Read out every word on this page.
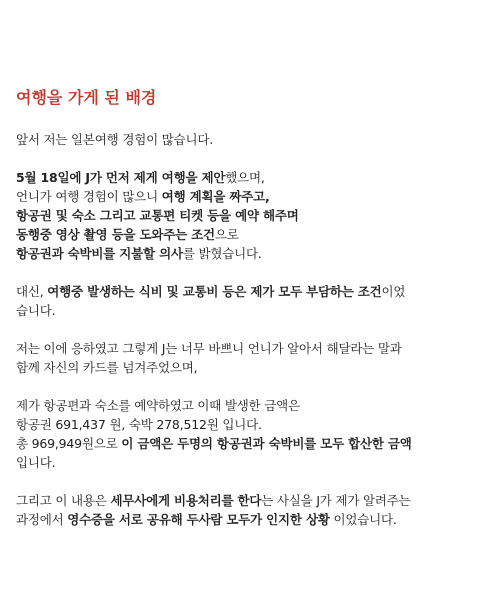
여행을 가게 된 배경
앞서 저는 일본여행 경험이 많습니다.
5월 18일에 J가 먼저 제게 여행을 제안했으며,
언니가 여행 경험이 많으니 여행 계획을 짜주고,
항공권 및 숙소 그리고 교통편 티켓 등을 예약 해주며
동행중 영상 촬영 등을 도와주는 조건으로
항공권과 숙박비를 지불할 의사를 밝혔습니다.
대신, 여행중 발생하는 식비 및 교통비 등은 제가 모두 부담하는 조건이었
습니다.
저는 이에 응하였고 그렇게 J는 너무 바쁘니 언니가 알아서 해달라는 말과
함께 자신의 카드를 넘겨주었으며,
제가 항공편과 숙소를 예약하였고 이때 발생한 금액은
항공권 691,437 원, 숙박 278,512원 입니다.
총 969,949원으로 이 금액은 두명의 항공권과 숙박비를 모두 합산한 금액
입니다.
그리고 이 내용은 세무사에게 비용처리를 한다는 사실을 J가 제가 알려주는
과정에서 영수증을 서로 공유해 두사람 모두가 인지한 상황 이었습니다.
